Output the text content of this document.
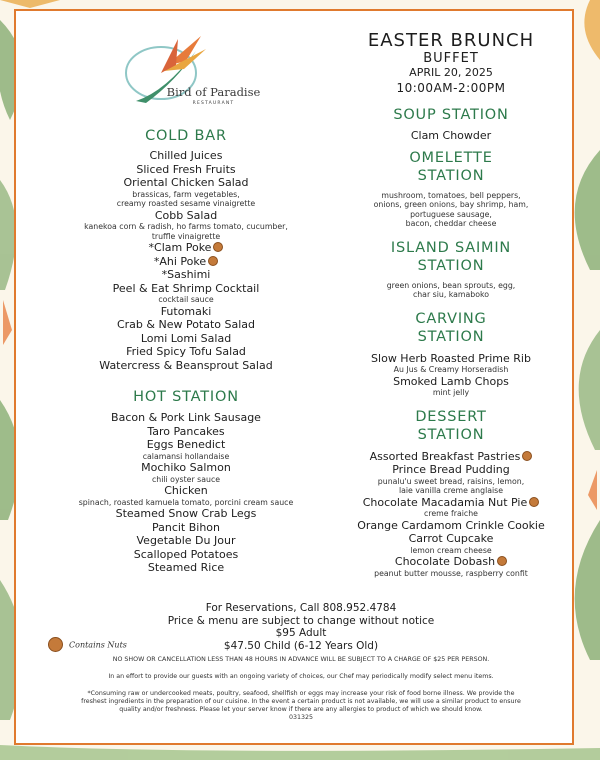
Bird of Paradise
RESTAURANT
COLD BAR
Chilled Juices
Sliced Fresh Fruits
Oriental Chicken Salad
brassicas, farm vegetables,
creamy roasted sesame vinaigrette
Cobb Salad
kanekoa corn & radish, ho farms tomato, cucumber,
truffle vinaigrette
*Clam Poke
*Ahi Poke
*Sashimi
Peel & Eat Shrimp Cocktail
cocktail sauce
Futomaki
Crab & New Potato Salad
Lomi Lomi Salad
Fried Spicy Tofu Salad
Watercress & Beansprout Salad
HOT STATION
Bacon & Pork Link Sausage
Taro Pancakes
Eggs Benedict
calamansi hollandaise
Mochiko Salmon
chili oyster sauce
Chicken
spinach, roasted kamuela tomato, porcini cream sauce
Steamed Snow Crab Legs
Pancit Bihon
Vegetable Du Jour
Scalloped Potatoes
Steamed Rice
EASTER BRUNCH
BUFFET
APRIL 20, 2025
10:00AM-2:00PM
SOUP STATION
Clam Chowder
OMELETTE
STATION
mushroom, tomatoes, bell peppers,
onions, green onions, bay shrimp, ham,
portuguese sausage,
bacon, cheddar cheese
ISLAND SAIMIN
STATION
green onions, bean sprouts, egg,
char siu, kamaboko
CARVING
STATION
Slow Herb Roasted Prime Rib
Au Jus & Creamy Horseradish
Smoked Lamb Chops
mint jelly
DESSERT
STATION
Assorted Breakfast Pastries
Prince Bread Pudding
punalu'u sweet bread, raisins, lemon,
laie vanilla creme anglaise
Chocolate Macadamia Nut Pie
creme fraiche
Orange Cardamom Crinkle Cookie
Carrot Cupcake
lemon cream cheese
Chocolate Dobash
peanut butter mousse, raspberry confit
For Reservations, Call 808.952.4784
Price & menu are subject to change without notice
$95 Adult
$47.50 Child (6-12 Years Old)
NO SHOW OR CANCELLATION LESS THAN 48 HOURS IN ADVANCE WILL BE SUBJECT TO A CHARGE OF $25 PER PERSON.
In an effort to provide our guests with an ongoing variety of choices, our Chef may periodically modify select menu items.
*Consuming raw or undercooked meats, poultry, seafood, shellfish or eggs may increase your risk of food borne illness. We provide the
freshest ingredients in the preparation of our cuisine. In the event a certain product is not available, we will use a similar product to ensure
quality and/or freshness. Please let your server know if there are any allergies to product of which we should know.
031325
Contains Nuts
